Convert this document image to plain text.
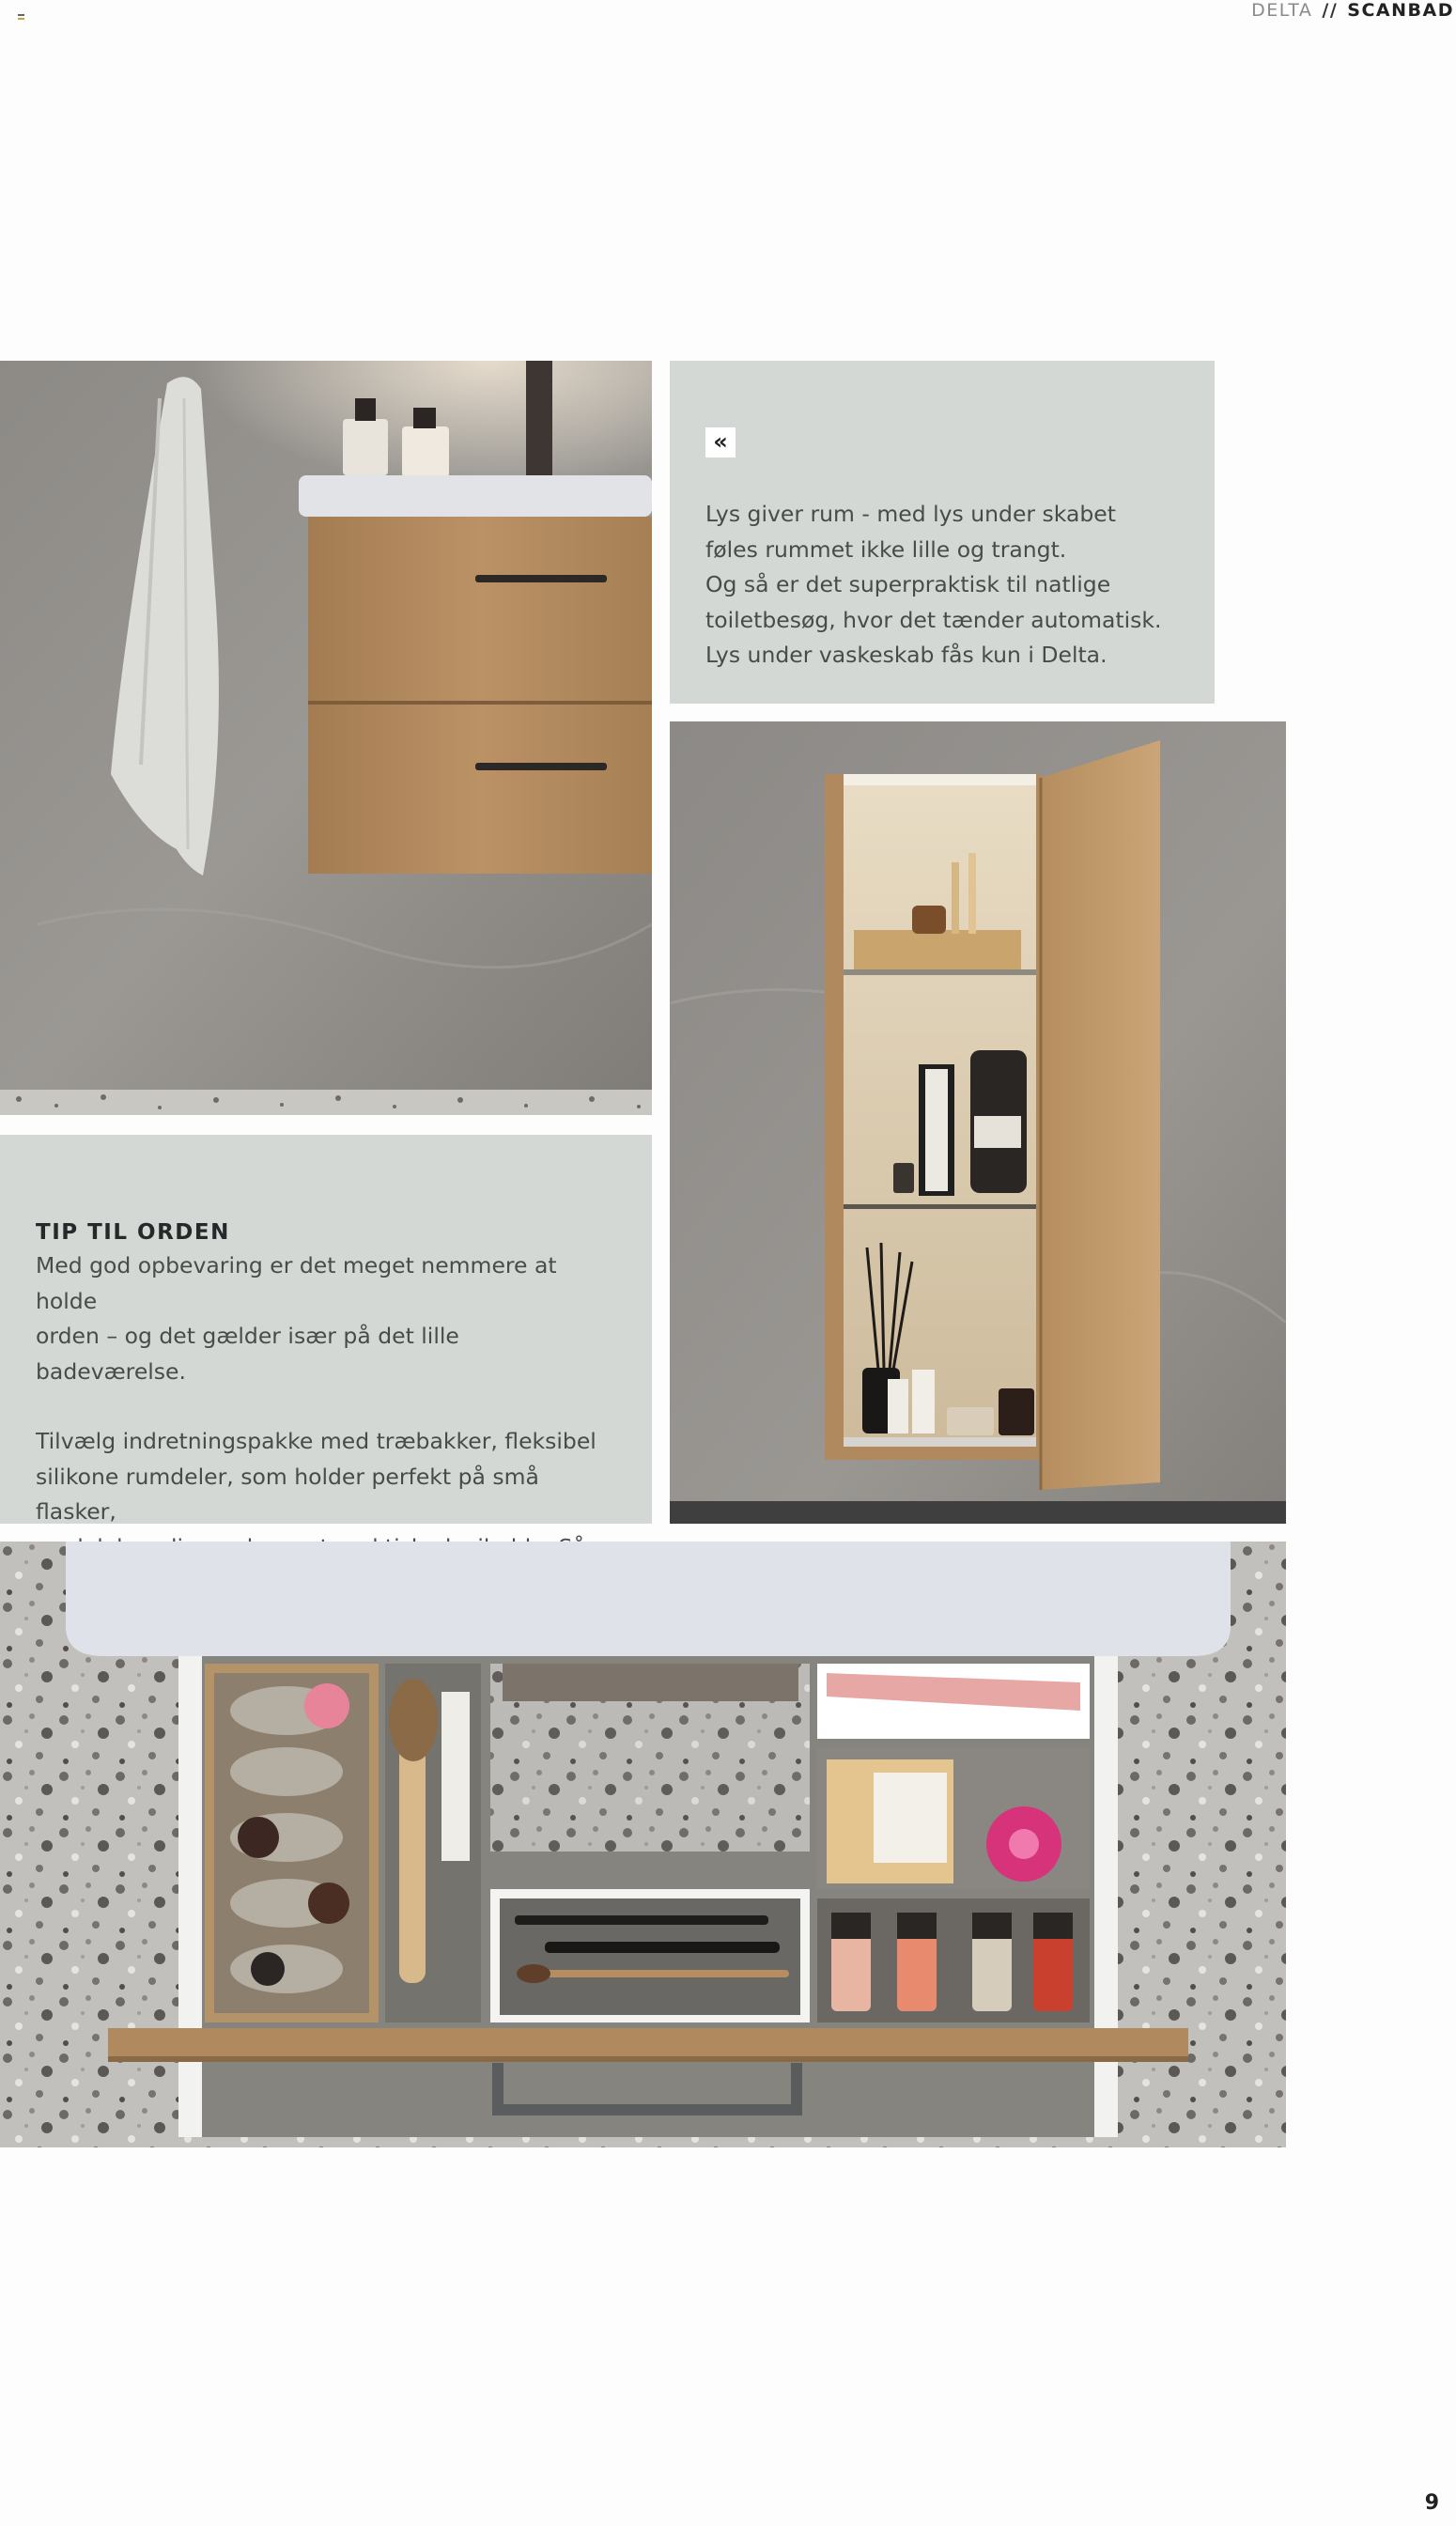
DELTA // SCANBAD
«
Lys giver rum - med lys under skabet
føles rummet ikke lille og trangt.
Og så er det superpraktisk til natlige
toiletbesøg, hvor det tænder automatisk.
Lys under vaskeskab fås kun i Delta.
TIP TIL ORDEN
Med god opbevaring er det meget nemmere at holde
orden – og det gælder især på det lille badeværelse.
Tilvælg indretningspakke med træbakker, fleksibel
silikone rumdeler, som holder perfekt på små flasker,
9
